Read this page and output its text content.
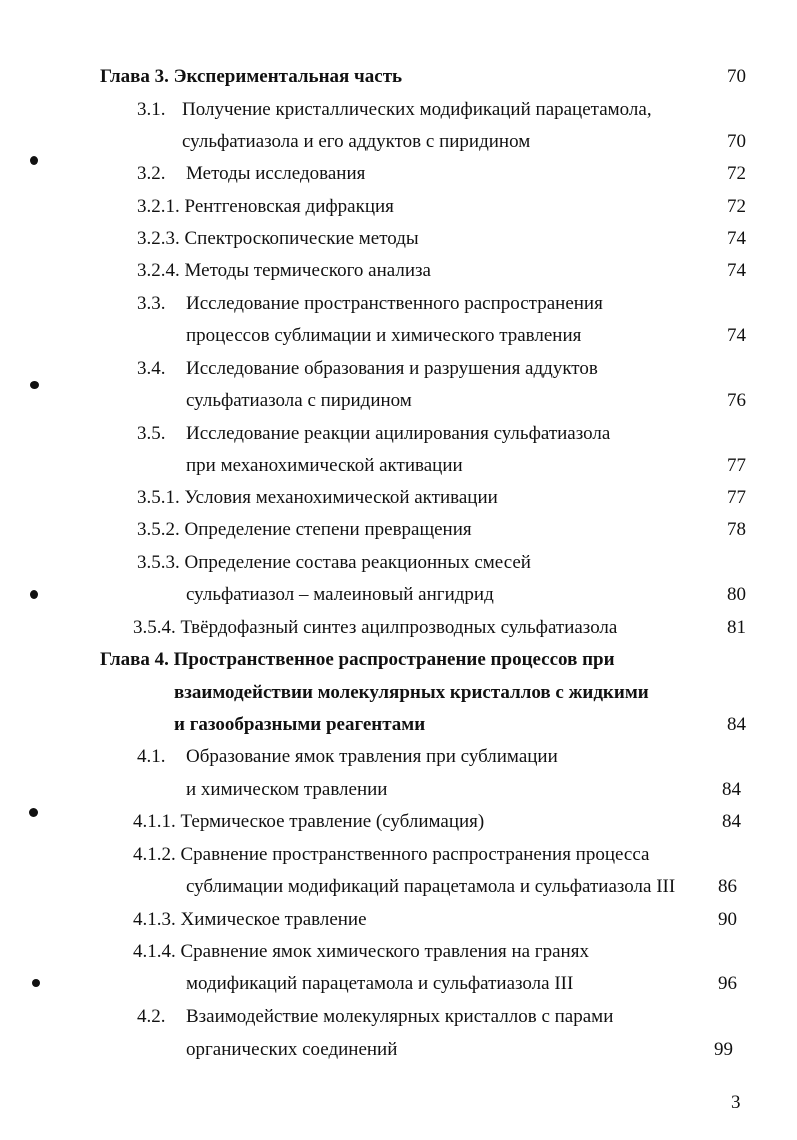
Глава 3. Экспериментальная часть	70
3.1. Получение кристаллических модификаций парацетамола,
сульфатиазола и его аддуктов с пиридином	70
3.2. Методы исследования	72
3.2.1. Рентгеновская дифракция	72
3.2.3. Спектроскопические методы	74
3.2.4. Методы термического анализа	74
3.3. Исследование пространственного распространения
процессов сублимации и химического травления	74
3.4. Исследование образования и разрушения аддуктов
сульфатиазола с пиридином	76
3.5. Исследование реакции ацилирования сульфатиазола
при механохимической активации	77
3.5.1. Условия механохимической активации	77
3.5.2. Определение степени превращения	78
3.5.3. Определение состава реакционных смесей
сульфатиазол – малеиновый ангидрид	80
3.5.4. Твёрдофазный синтез ацилпрозводных сульфатиазола	81
Глава 4. Пространственное распространение процессов при
взаимодействии молекулярных кристаллов с жидкими
и газообразными реагентами	84
4.1. Образование ямок травления при сублимации
и химическом травлении	84
4.1.1. Термическое травление (сублимация)	84
4.1.2. Сравнение пространственного распространения процесса
сублимации модификаций парацетамола и сульфатиазола III 86
4.1.3. Химическое травление	90
4.1.4. Сравнение ямок химического травления на гранях
модификаций парацетамола и сульфатиазола III	96
4.2. Взаимодействие молекулярных кристаллов с парами
органических соединений	99
3
